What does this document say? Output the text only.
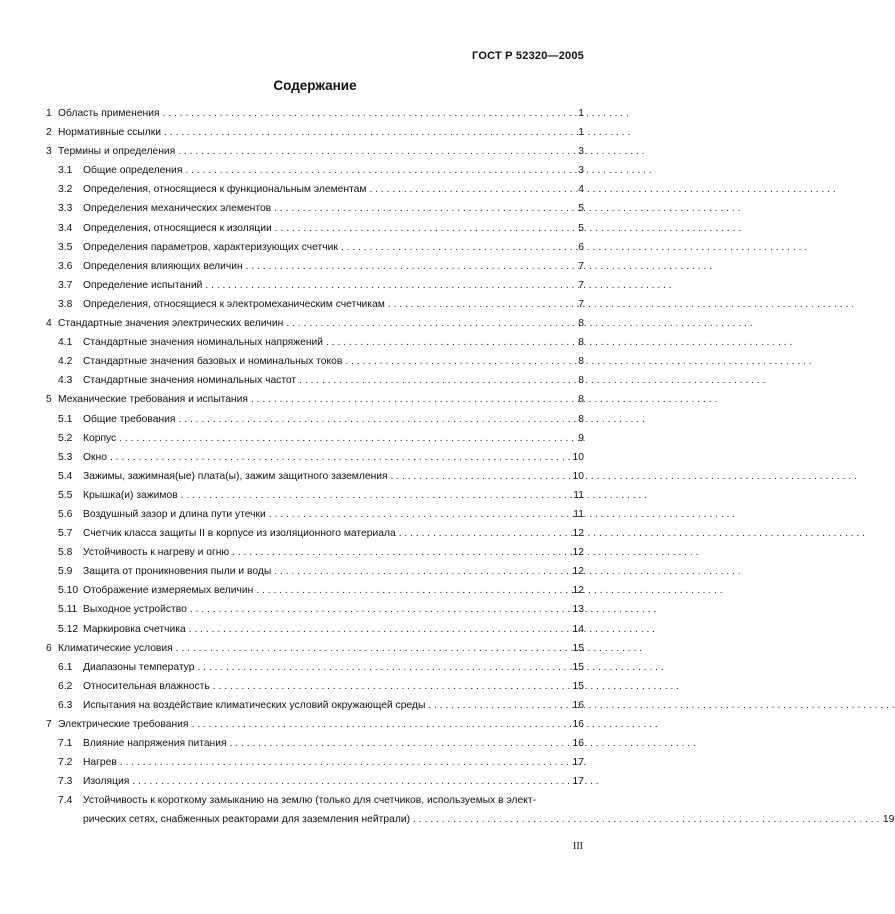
ГОСТ Р 52320—2005
Содержание
1 Область применения . . .	1
2 Нормативные ссылки . . .	1
3 Термины и определения . . .	3
3.1	Общие определения . . .	3
3.2	Определения, относящиеся к функциональным элементам . . .	4
3.3	Определения механических элементов . . .	5
3.4	Определения, относящиеся к изоляции . . .	5
3.5	Определения параметров, характеризующих счетчик . . .	6
3.6	Определения влияющих величин . . .	7
3.7	Определение испытаний . . .	7
3.8	Определения, относящиеся к электромеханическим счетчикам . . .	7
4 Стандартные значения электрических величин . . .	8
4.1	Стандартные значения номинальных напряжений . . .	8
4.2	Стандартные значения базовых и номинальных токов . . .	8
4.3	Стандартные значения номинальных частот . . .	8
5 Механические требования и испытания . . .	8
5.1	Общие требования . . .	8
5.2	Корпус . . .	9
5.3	Окно . . .	10
5.4	Зажимы, зажимная(ые) плата(ы), зажим защитного заземления . . .	10
5.5	Крышка(и) зажимов . . .	11
5.6	Воздушный зазор и длина пути утечки . . .	11
5.7	Счетчик класса защиты II в корпусе из изоляционного материала . . .	12
5.8	Устойчивость к нагреву и огню . . .	12
5.9	Защита от проникновения пыли и воды . . .	12
5.10 Отображение измеряемых величин . . .	12
5.11 Выходное устройство . . .	13
5.12 Маркировка счетчика . . .	14
6 Климатические условия . . .	15
6.1	Диапазоны температур . . .	15
6.2	Относительная влажность . . .	15
6.3	Испытания на воздействие климатических условий окружающей среды . . .	16
7 Электрические требования . . .	16
7.1	Влияние напряжения питания . . .	16
7.2	Нагрев . . .	17
7.3	Изоляция . . .	17
7.4	Устойчивость к короткому замыканию на землю (только для счетчиков, используемых в элект-
рических сетях, снабженных реакторами для заземления нейтрали) . . .	19
III
